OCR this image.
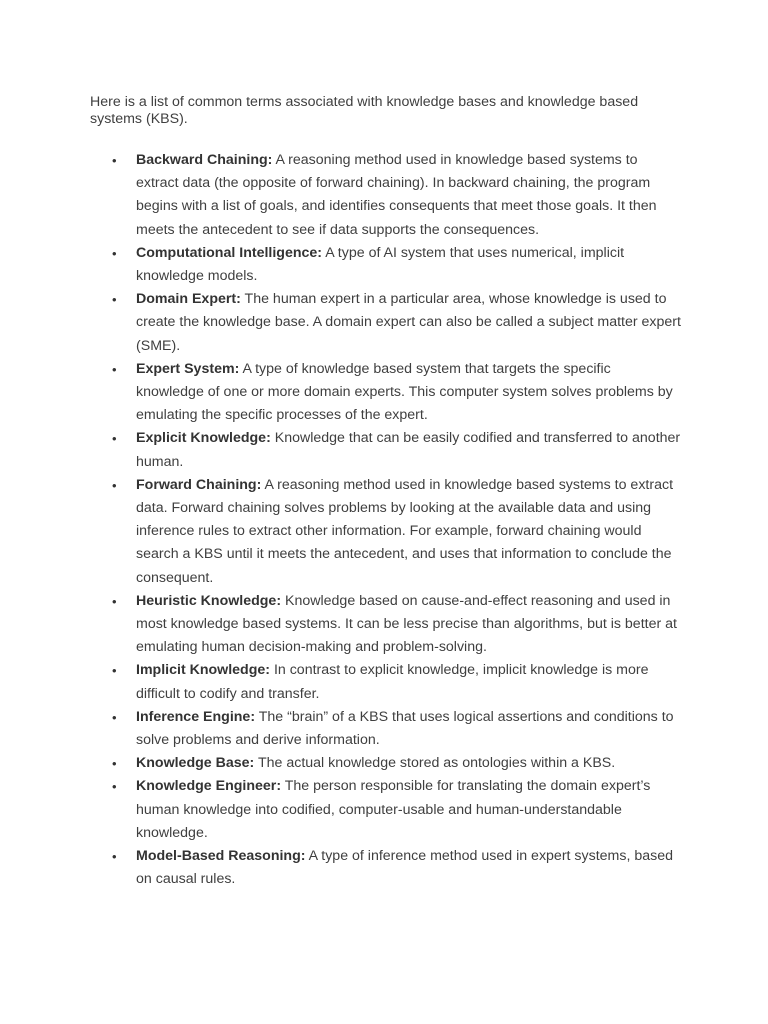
Here is a list of common terms associated with knowledge bases and knowledge based systems (KBS).

• Backward Chaining: A reasoning method used in knowledge based systems to extract data (the opposite of forward chaining). In backward chaining, the program begins with a list of goals, and identifies consequents that meet those goals. It then meets the antecedent to see if data supports the consequences.
• Computational Intelligence: A type of AI system that uses numerical, implicit knowledge models.
• Domain Expert: The human expert in a particular area, whose knowledge is used to create the knowledge base. A domain expert can also be called a subject matter expert (SME).
• Expert System: A type of knowledge based system that targets the specific knowledge of one or more domain experts. This computer system solves problems by emulating the specific processes of the expert.
• Explicit Knowledge: Knowledge that can be easily codified and transferred to another human.
• Forward Chaining: A reasoning method used in knowledge based systems to extract data. Forward chaining solves problems by looking at the available data and using inference rules to extract other information. For example, forward chaining would search a KBS until it meets the antecedent, and uses that information to conclude the consequent.
• Heuristic Knowledge: Knowledge based on cause-and-effect reasoning and used in most knowledge based systems. It can be less precise than algorithms, but is better at emulating human decision-making and problem-solving.
• Implicit Knowledge: In contrast to explicit knowledge, implicit knowledge is more difficult to codify and transfer.
• Inference Engine: The “brain” of a KBS that uses logical assertions and conditions to solve problems and derive information.
• Knowledge Base: The actual knowledge stored as ontologies within a KBS.
• Knowledge Engineer: The person responsible for translating the domain expert’s human knowledge into codified, computer-usable and human-understandable knowledge.
• Model-Based Reasoning: A type of inference method used in expert systems, based on causal rules.
